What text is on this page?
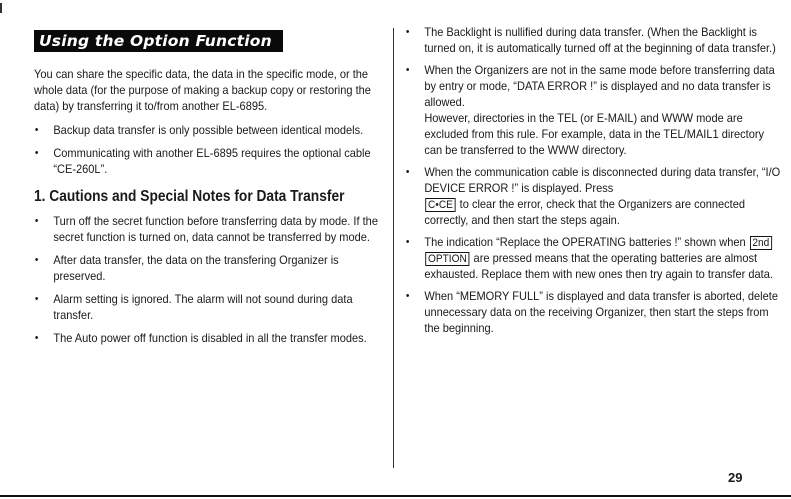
Using the Option Function

You can share the specific data, the data in the specific mode, or the whole data (for the purpose of making a backup copy or restoring the data) by transferring it to/from another EL-6895.

• Backup data transfer is only possible between identical models.
• Communicating with another EL-6895 requires the optional cable “CE-260L”.
1. Cautions and Special Notes for Data Transfer
• Turn off the secret function before transferring data by mode. If the secret function is turned on, data cannot be transferred by mode.
• After data transfer, the data on the transfering Organizer is preserved.
• Alarm setting is ignored. The alarm will not sound during data transfer.
• The Auto power off function is disabled in all the transfer modes.
• The Backlight is nullified during data transfer. (When the Backlight is turned on, it is automatically turned off at the beginning of data transfer.)
• When the Organizers are not in the same mode before transferring data by entry or mode, “DATA ERROR !” is displayed and no data transfer is allowed.
However, directories in the TEL (or E-MAIL) and WWW mode are excluded from this rule. For example, data in the TEL/MAIL1 directory can be transferred to the WWW directory.
• When the communication cable is disconnected during data transfer, “I/O DEVICE ERROR !” is displayed. Press
C•CE to clear the error, check that the Organizers are connected correctly, and then start the steps again.
• The indication “Replace the OPERATING batteries !” shown when 2nd OPTION are pressed means that the operating batteries are almost exhausted. Replace them with new ones then try again to transfer data.
• When “MEMORY FULL” is displayed and data transfer is aborted, delete unnecessary data on the receiving Organizer, then start the steps from the beginning.
29
